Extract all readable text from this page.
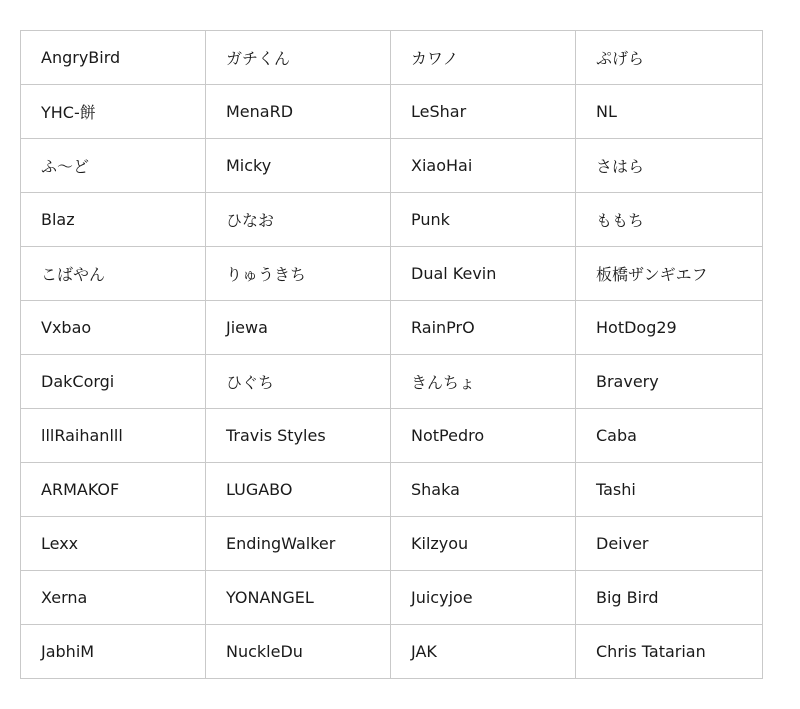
AngryBird	ガチくん	カワノ	ぷげら
YHC-餅	MenaRD	LeShar	NL
ふ～ど	Micky	XiaoHai	さはら
Blaz	ひなお	Punk	ももち
こばやん	りゅうきち	Dual Kevin	板橋ザンギエフ
Vxbao	Jiewa	RainPrO	HotDog29
DakCorgi	ひぐち	きんちょ	Bravery
lllRaihanlll	Travis Styles	NotPedro	Caba
ARMAKOF	LUGABO	Shaka	Tashi
Lexx	EndingWalker	Kilzyou	Deiver
Xerna	YONANGEL	Juicyjoe	Big Bird
JabhiM	NuckleDu	JAK	Chris Tatarian
